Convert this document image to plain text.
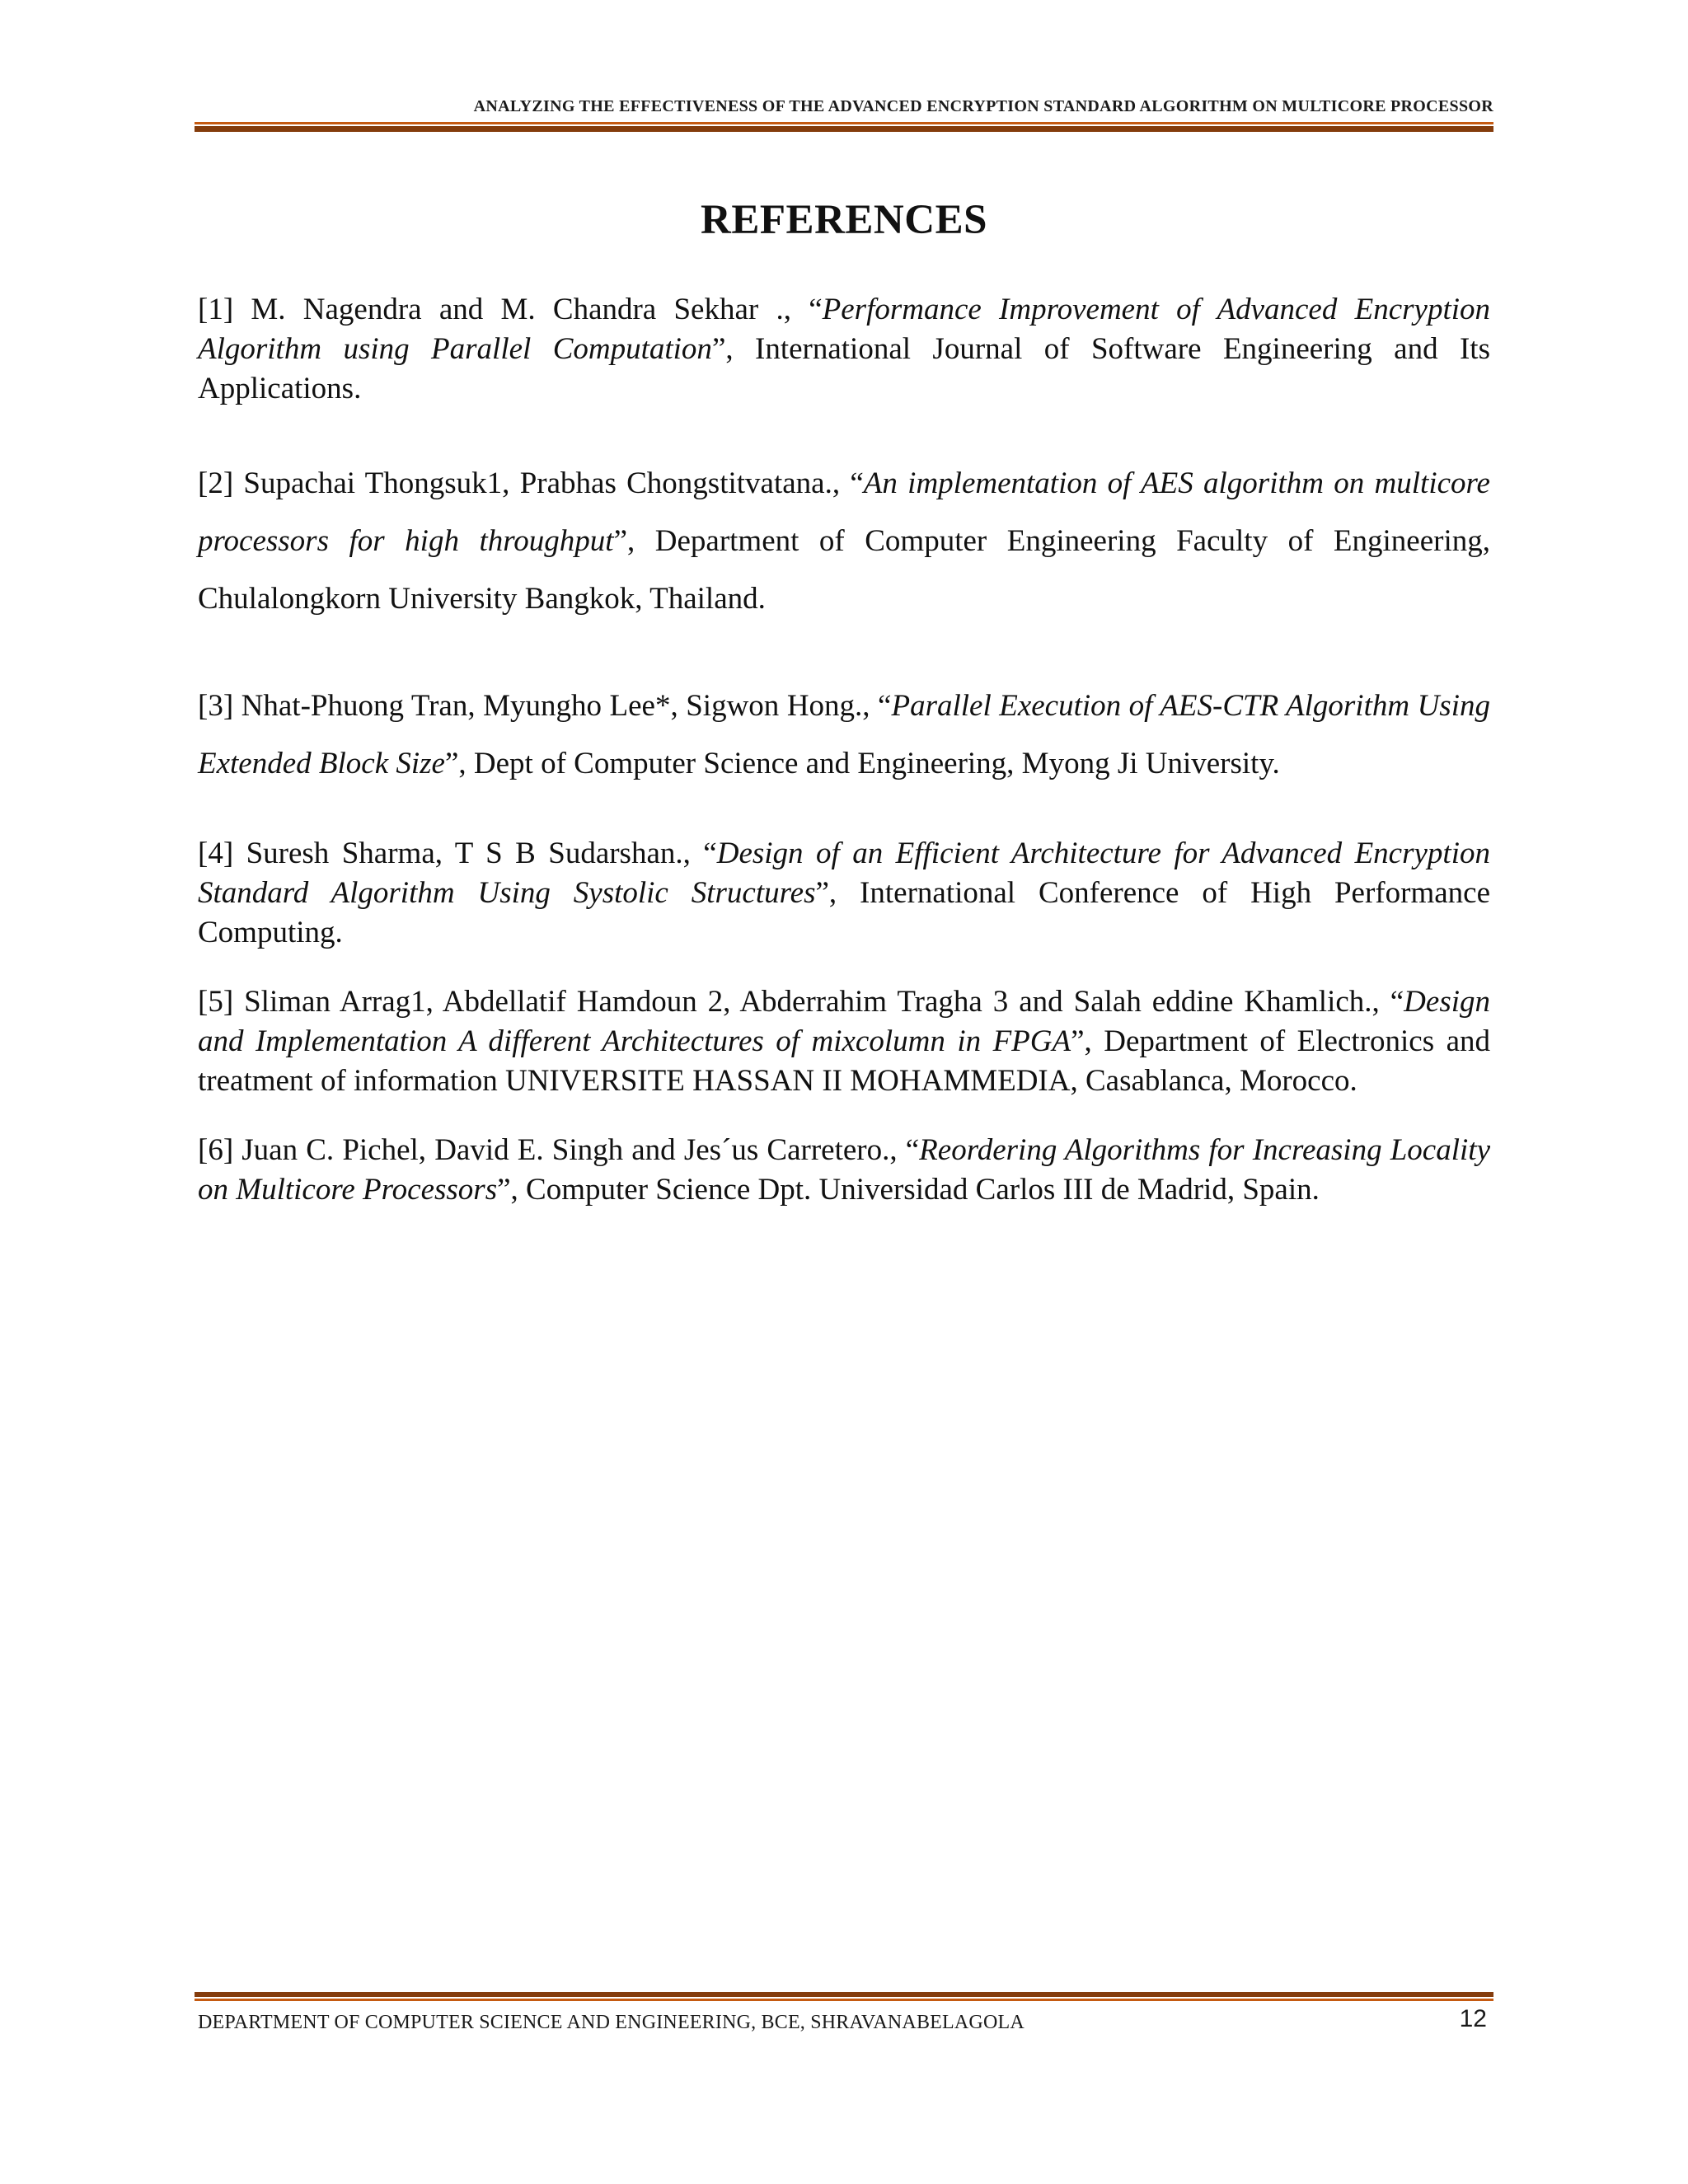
ANALYZING THE EFFECTIVENESS OF THE ADVANCED ENCRYPTION STANDARD ALGORITHM ON MULTICORE PROCESSOR
REFERENCES

[1] M. Nagendra and M. Chandra Sekhar ., “Performance Improvement of Advanced Encryption Algorithm using Parallel Computation”, International Journal of Software Engineering and Its Applications.

[2] Supachai Thongsuk1, Prabhas Chongstitvatana., “An implementation of AES algorithm on multicore processors for high throughput”, Department of Computer Engineering Faculty of Engineering, Chulalongkorn University Bangkok, Thailand.

[3] Nhat-Phuong Tran, Myungho Lee*, Sigwon Hong., “Parallel Execution of AES-CTR Algorithm Using Extended Block Size”, Dept of Computer Science and Engineering, Myong Ji University.

[4] Suresh Sharma, T S B Sudarshan., “Design of an Efficient Architecture for Advanced Encryption Standard Algorithm Using Systolic Structures”, International Conference of High Performance Computing.

[5] Sliman Arrag1, Abdellatif Hamdoun 2, Abderrahim Tragha 3 and Salah eddine Khamlich., “Design and Implementation A different Architectures of mixcolumn in FPGA”, Department of Electronics and treatment of information UNIVERSITE HASSAN II MOHAMMEDIA, Casablanca, Morocco.

[6] Juan C. Pichel, David E. Singh and Jes´us Carretero., “Reordering Algorithms for Increasing Locality on Multicore Processors”, Computer Science Dpt. Universidad Carlos III de Madrid, Spain.

DEPARTMENT OF COMPUTER SCIENCE AND ENGINEERING, BCE, SHRAVANABELAGOLA	12
